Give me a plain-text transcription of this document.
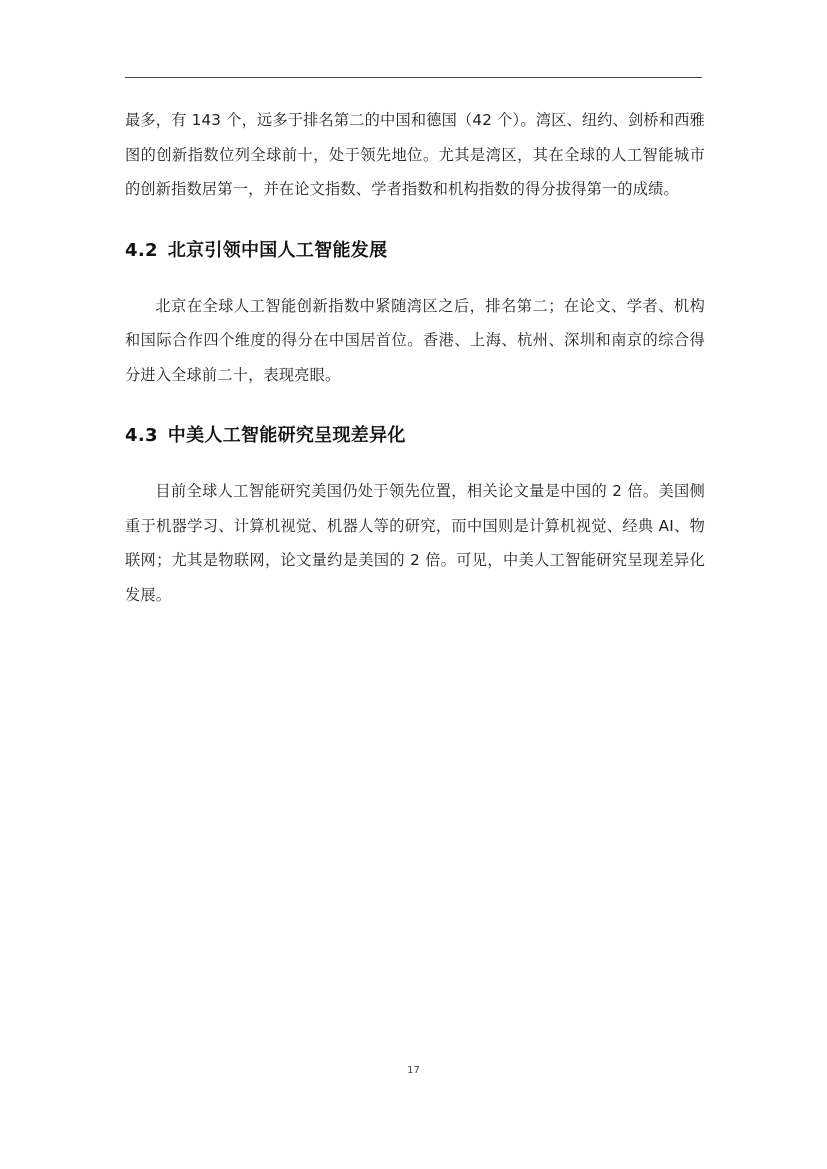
最多，有 143 个，远多于排名第二的中国和德国（42 个）。湾区、纽约、剑桥和西雅图的创新指数位列全球前十，处于领先地位。尤其是湾区，其在全球的人工智能城市的创新指数居第一，并在论文指数、学者指数和机构指数的得分拔得第一的成绩。

4.2 北京引领中国人工智能发展

北京在全球人工智能创新指数中紧随湾区之后，排名第二；在论文、学者、机构和国际合作四个维度的得分在中国居首位。香港、上海、杭州、深圳和南京的综合得分进入全球前二十，表现亮眼。

4.3 中美人工智能研究呈现差异化

目前全球人工智能研究美国仍处于领先位置，相关论文量是中国的 2 倍。美国侧重于机器学习、计算机视觉、机器人等的研究，而中国则是计算机视觉、经典 AI、物联网；尤其是物联网，论文量约是美国的 2 倍。可见，中美人工智能研究呈现差异化发展。

17
